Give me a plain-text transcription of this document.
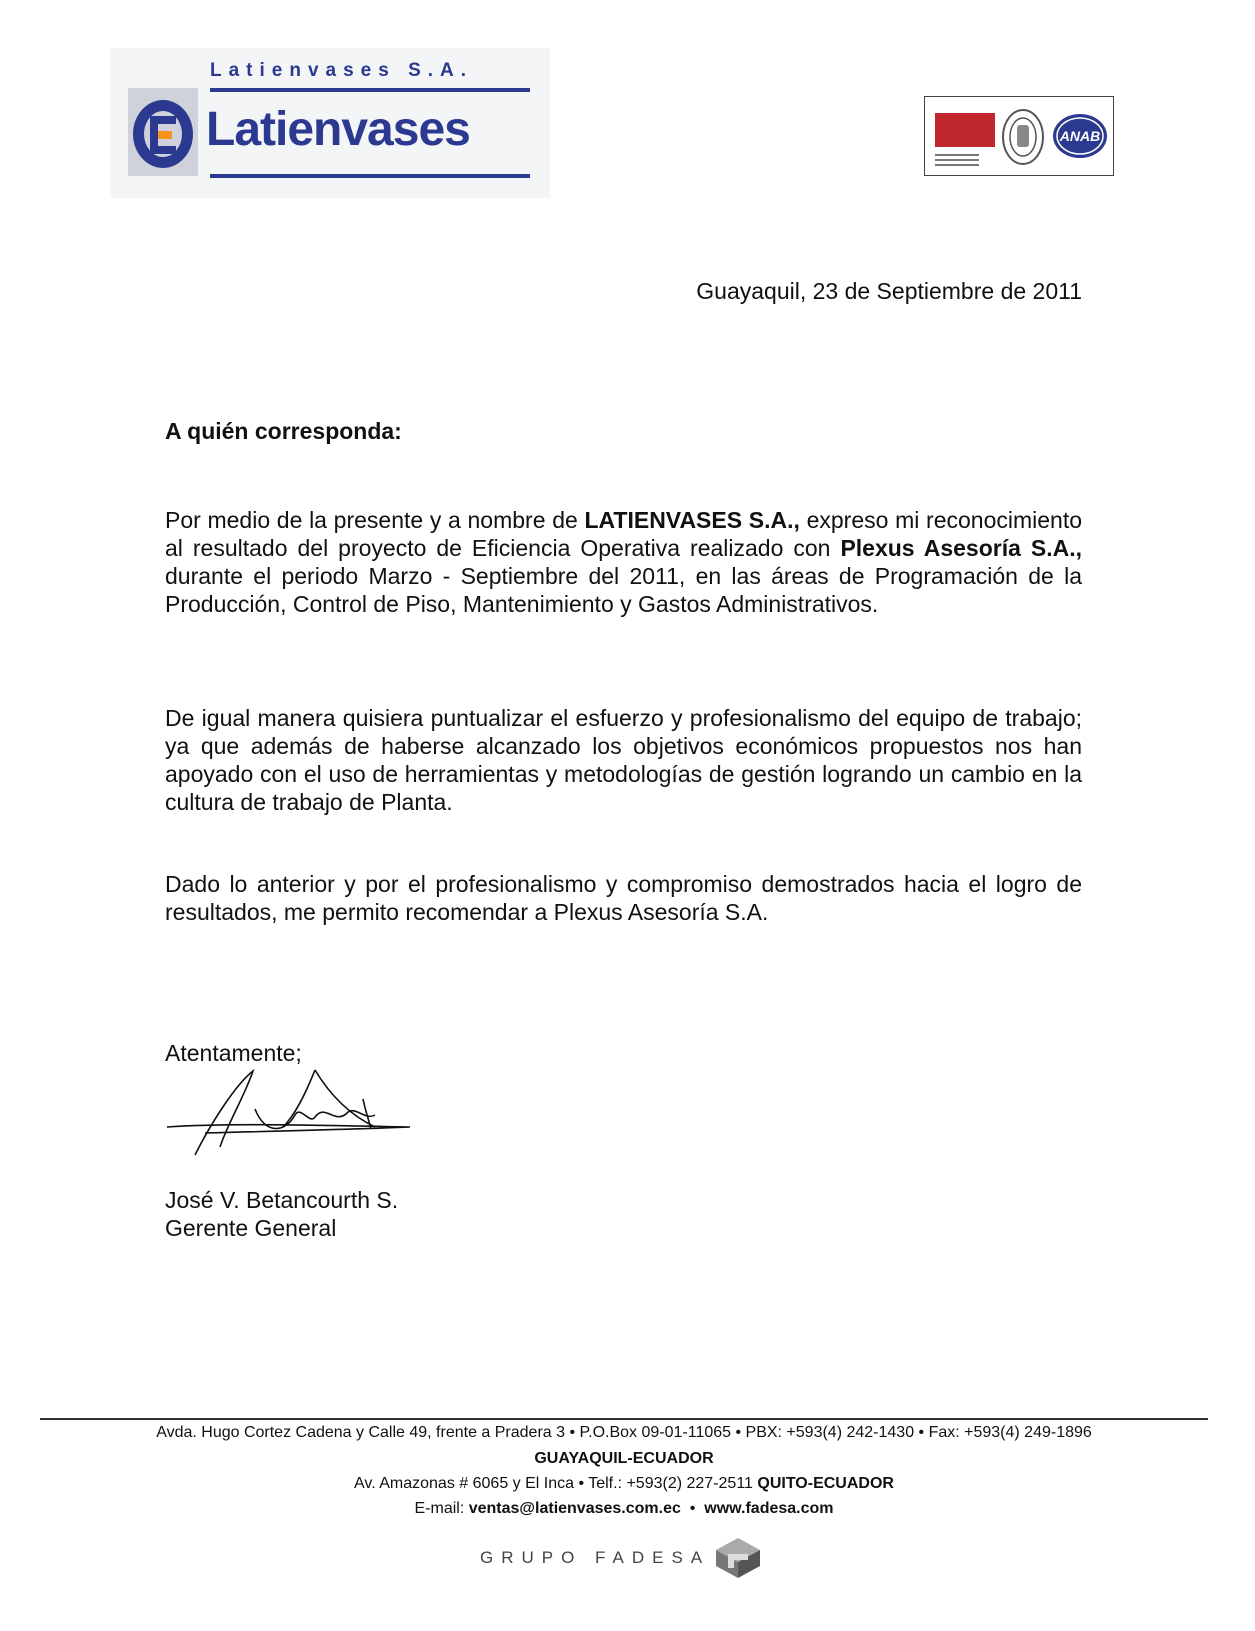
Latienvases S.A.
Latienvases	ANAB
Guayaquil, 23 de Septiembre de 2011
A quién corresponda:
Por medio de la presente y a nombre de LATIENVASES S.A., expreso mi reconocimiento al resultado del proyecto de Eficiencia Operativa realizado con Plexus Asesoría S.A., durante el periodo Marzo - Septiembre del 2011, en las áreas de Programación de la Producción, Control de Piso, Mantenimiento y Gastos Administrativos.
De igual manera quisiera puntualizar el esfuerzo y profesionalismo del equipo de trabajo; ya que además de haberse alcanzado los objetivos económicos propuestos nos han apoyado con el uso de herramientas y metodologías de gestión logrando un cambio en la cultura de trabajo de Planta.
Dado lo anterior y por el profesionalismo y compromiso demostrados hacia el logro de resultados, me permito recomendar a Plexus Asesoría S.A.
Atentamente;
José V. Betancourth S.
Gerente General
Avda. Hugo Cortez Cadena y Calle 49, frente a Pradera 3 • P.O.Box 09-01-11065 • PBX: +593(4) 242-1430 • Fax: +593(4) 249-1896
GUAYAQUIL-ECUADOR
Av. Amazonas # 6065 y El Inca • Telf.: +593(2) 227-2511 QUITO-ECUADOR
E-mail: ventas@latienvases.com.ec  •  www.fadesa.com
GRUPO FADESA
